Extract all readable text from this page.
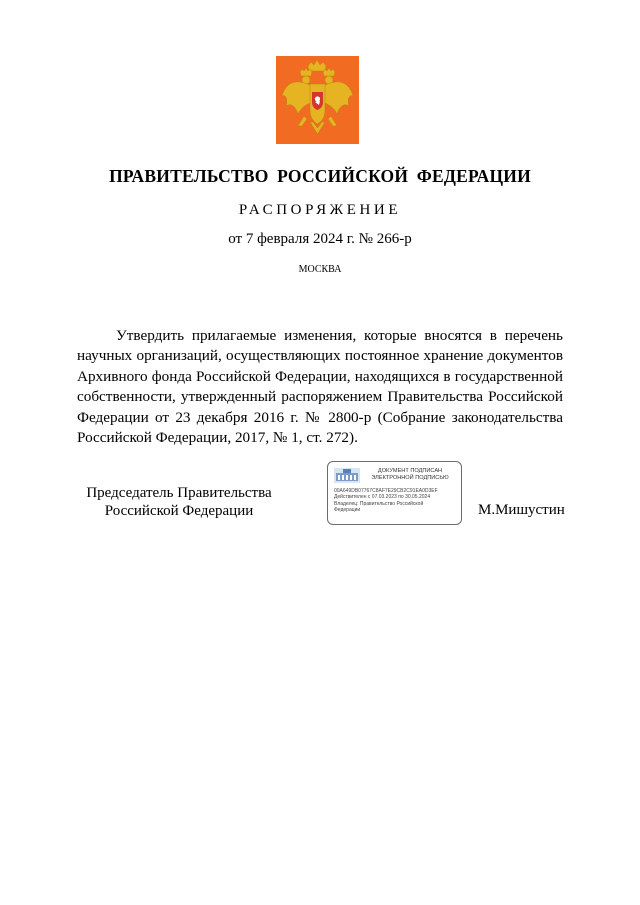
ПРАВИТЕЛЬСТВО РОССИЙСКОЙ ФЕДЕРАЦИИ
РАСПОРЯЖЕНИЕ
от 7 февраля 2024 г. № 266-р
МОСКВА

Утвердить прилагаемые изменения, которые вносятся в перечень научных организаций, осуществляющих постоянное хранение документов Архивного фонда Российской Федерации, находящихся в государственной собственности, утвержденный распоряжением Правительства Российской Федерации от 23 декабря 2016 г. № 2800-р (Собрание законодательства Российской Федерации, 2017, № 1, ст. 272).

Председатель Правительства
Российской Федерации
ДОКУМЕНТ ПОДПИСАН
ЭЛЕКТРОННОЙ ПОДПИСЬЮ
00A649DB07767C8AF7E29CB2C91EA0D3EF
Действителен с 07.03.2023 по 30.05.2024
Владелец: Правительство Российской
Федерации	М.Мишустин
